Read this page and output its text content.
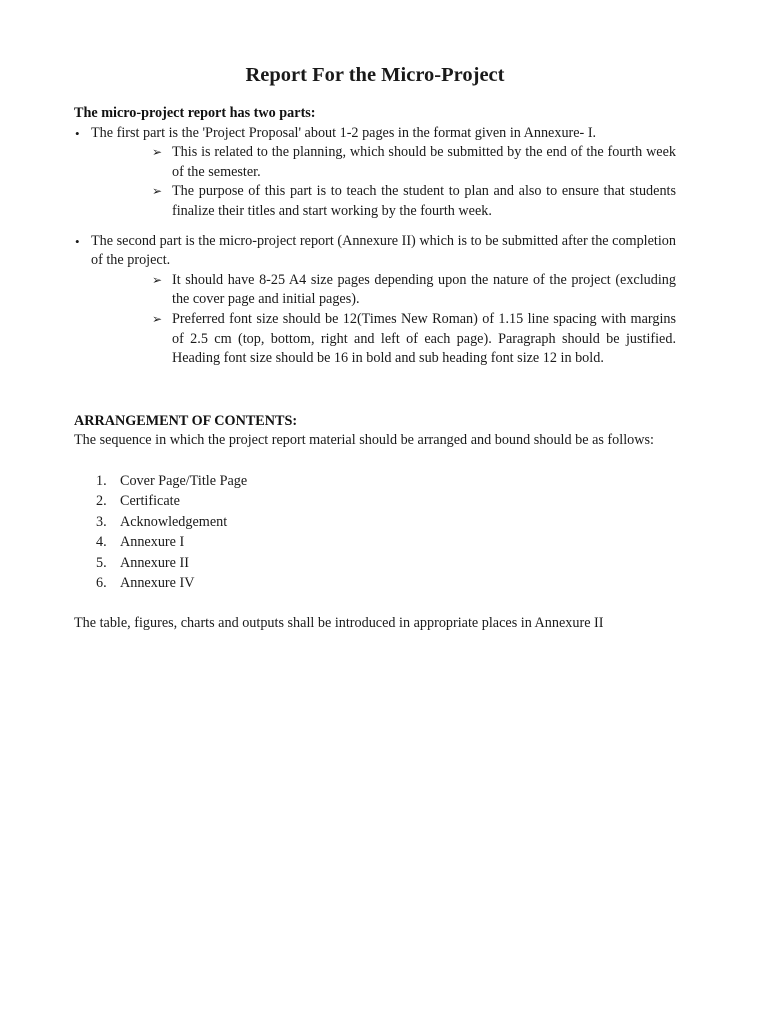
Report For the Micro-Project

The micro-project report has two parts:

• The first part is the 'Project Proposal' about 1-2 pages in the format given in Annexure- I.
➢ This is related to the planning, which should be submitted by the end of the fourth week of the semester.
➢ The purpose of this part is to teach the student to plan and also to ensure that students finalize their titles and start working by the fourth week.
• The second part is the micro-project report (Annexure II) which is to be submitted after the completion of the project.
➢ It should have 8-25 A4 size pages depending upon the nature of the project (excluding the cover page and initial pages).
➢ Preferred font size should be 12(Times New Roman) of 1.15 line spacing with margins of 2.5 cm (top, bottom, right and left of each page). Paragraph should be justified. Heading font size should be 16 in bold and sub heading font size 12 in bold.

ARRANGEMENT OF CONTENTS:

The sequence in which the project report material should be arranged and bound should be as follows:

1. Cover Page/Title Page
2. Certificate
3. Acknowledgement
4. Annexure I
5. Annexure II
6. Annexure IV

The table, figures, charts and outputs shall be introduced in appropriate places in Annexure II
